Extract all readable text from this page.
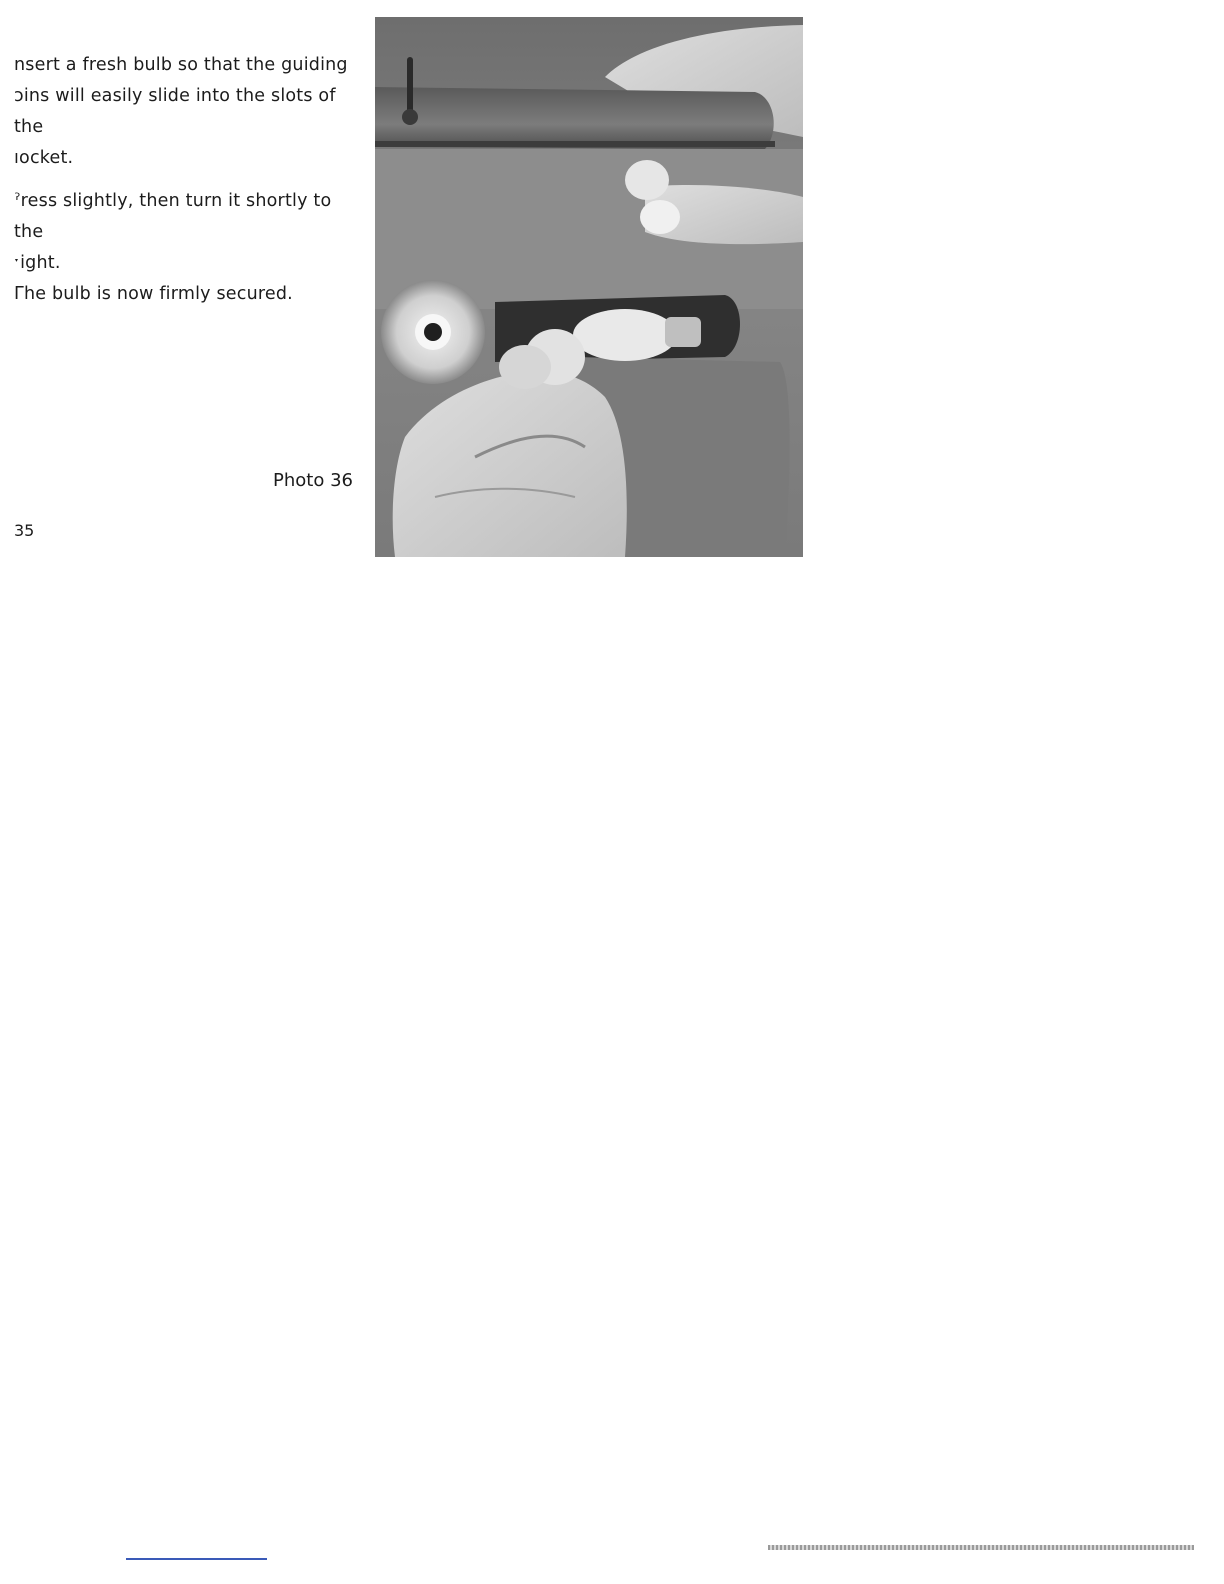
nsert a fresh bulb so that the guiding
ɔins will easily slide into the slots of the
ıocket.

ˀress slightly, then turn it shortly to the
ˑight.

Γhe bulb is now firmly secured.

Photo 36
35
